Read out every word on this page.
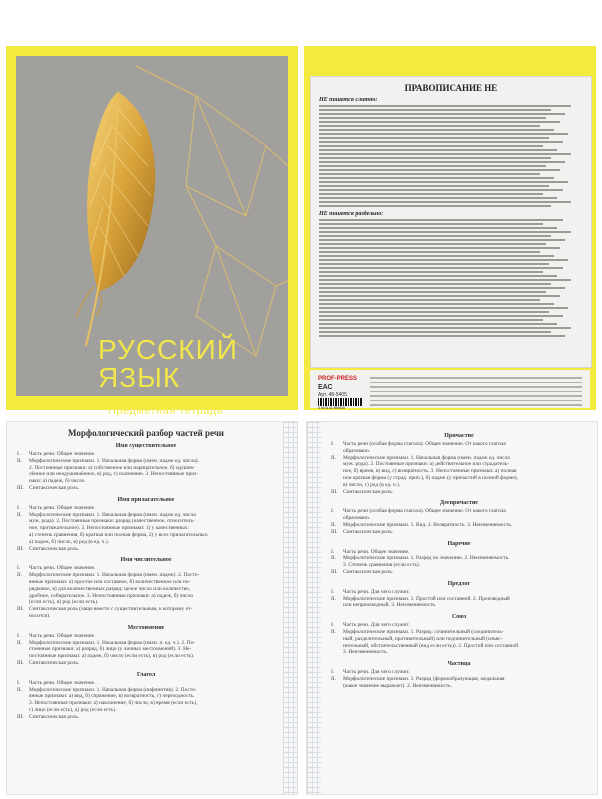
РУССКИЙ
ЯЗЫК
Предметная тетрадь
ПРАВОПИСАНИЕ НЕ
НЕ пишется слитно:
НЕ пишется раздельно:
PROF-PRESS
ЕАС
Арт. 48-5405
4 610141 856920
Морфологический разбор частей речи
Имя существительное
I. Часть речи. Общее значение.
II. Морфологические признаки. 1. Начальная форма (имен. падеж ед. числа).
2. Постоянные признаки: а) собственное или нарицательное, б) одушев-
лённое или неодушевлённое, в) род, г) склонение. 3. Непостоянные приз-
наки: а) падеж, б) число.
III. Синтаксическая роль.
Имя прилагательное
I. Часть речи. Общее значение.
II. Морфологические признаки. 1. Начальная форма (имен. падеж ед. числа
муж. рода). 2. Постоянные признаки: разряд (качественное, относитель-
ное, притяжательное). 3. Непостоянные признаки: 1) у качественных:
а) степень сравнения, б) краткая или полная форма, 2) у всех прилагательных:
а) падеж, б) число, в) род (в ед. ч.).
III. Синтаксическая роль.
Имя числительное
I. Часть речи. Общее значение.
II. Морфологические признаки. 1. Начальная форма (имен. падеж). 2. Посто-
янные признаки: а) простое или составное, б) количественное или по-
рядковое, в) для количественных разряд: целое число или количество,
дробное, собирательное. 3. Непостоянные признаки: а) падеж, б) число
(если есть), в) род (если есть).
III. Синтаксическая роль (чаще вместе с существительным, к которому от-
носится).
Местоимение
I. Часть речи. Общее значение.
II. Морфологические признаки. 1. Начальная форма (имен. п. ед. ч.). 2. По-
стоянные признаки: а) разряд, б) лицо (у личных местоимений). 3. Не-
постоянные признаки: а) падеж, б) число (если есть), в) род (если есть).
III. Синтаксическая роль.
Глагол
I. Часть речи. Общее значение.
II. Морфологические признаки. 1. Начальная форма (инфинитив). 2. Посто-
янные признаки: а) вид, б) спряжение, в) возвратность, г) переходность.
3. Непостоянные признаки: а) наклонение, б) число, в) время (если есть),
г) лицо (если есть), д) род (если есть).
III. Синтаксическая роль.
Причастие
I. Часть речи (особая форма глагола). Общее значение. От какого глагола
образовано.
II. Морфологические признаки. 1. Начальная форма (имен. падеж ед. числа
муж. рода). 2. Постоянные признаки: а) действительное или страдатель-
ное, б) время, в) вид, г) возвратность. 3. Непостоянные признаки: а) полная
или краткая форма (у страд. прич.), б) падеж (у причастий в полной форме),
в) число, г) род (в ед. ч.).
III. Синтаксическая роль.
Деепричастие
I. Часть речи (особая форма глагола). Общее значение. От какого глагола
образовано.
II. Морфологические признаки. 1. Вид. 2. Возвратность. 3. Неизменяемость.
III. Синтаксическая роль.
Наречие
I. Часть речи. Общее значение.
II. Морфологические признаки. 1. Разряд по значению. 2. Неизменяемость.
3. Степень сравнения (если есть).
III. Синтаксическая роль.
Предлог
I. Часть речи. Для чего служит.
II. Морфологические признаки. 1. Простой или составной. 2. Производный
или непроизводный. 3. Неизменяемость.
Союз
I. Часть речи. Для чего служит.
II. Морфологические признаки. 1. Разряд: сочинительный (соединитель-
ный, разделительный, противительный) или подчинительный (изъяс-
нительный, обстоятельственный (вид если есть)). 2. Простой или составной.
3. Неизменяемость.
Частица
I. Часть речи. Для чего служит.
II. Морфологические признаки. 1. Разряд (формообразующая, модальная
(какое значение выражает). 2. Неизменяемость.
